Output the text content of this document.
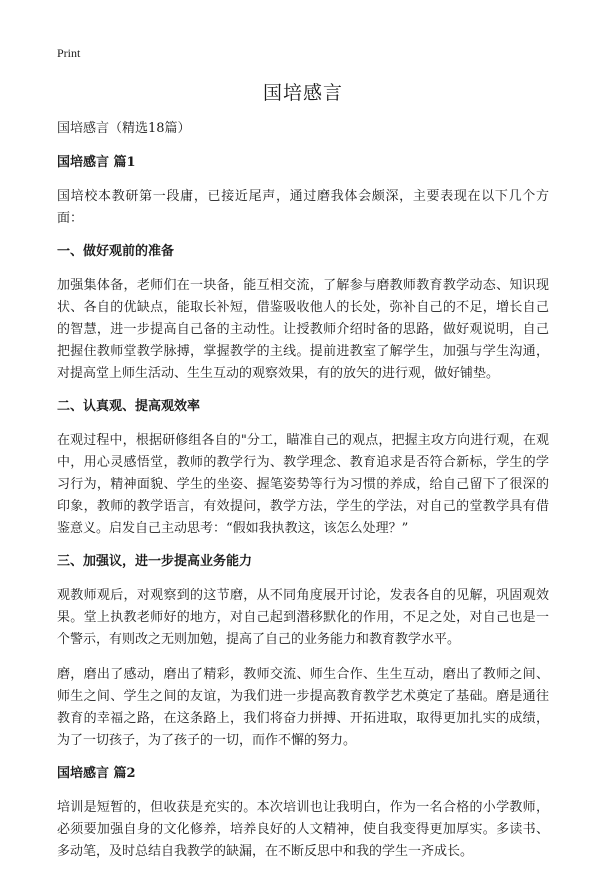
Print
国培感言

国培感言（精选18篇）

国培感言 篇1

国培校本教研第一段庸，已接近尾声，通过磨我体会颇深，主要表现在以下几个方面：

一、做好观前的准备

加强集体备，老师们在一块备，能互相交流，了解参与磨教师教育教学动态、知识现状、各自的优缺点，能取长补短，借鉴吸收他人的长处，弥补自己的不足，增长自己的智慧，进一步提高自己备的主动性。让授教师介绍时备的思路，做好观说明，自己把握住教师堂教学脉搏，掌握教学的主线。提前进教室了解学生，加强与学生沟通，对提高堂上师生活动、生生互动的观察效果，有的放矢的进行观，做好铺垫。

二、认真观、提高观效率

在观过程中，根据研修组各自的"分工，瞄准自己的观点，把握主攻方向进行观，在观中，用心灵感悟堂，教师的教学行为、教学理念、教育追求是否符合新标，学生的学习行为，精神面貌、学生的坐姿、握笔姿势等行为习惯的养成，给自己留下了很深的印象，教师的教学语言，有效提问，教学方法，学生的学法，对自己的堂教学具有借鉴意义。启发自己主动思考：“假如我执教这，该怎么处理？”

三、加强议，进一步提高业务能力

观教师观后，对观察到的这节磨，从不同角度展开讨论，发表各自的见解，巩固观效果。堂上执教老师好的地方，对自己起到潜移默化的作用，不足之处，对自己也是一个警示，有则改之无则加勉，提高了自己的业务能力和教育教学水平。

磨，磨出了感动，磨出了精彩，教师交流、师生合作、生生互动，磨出了教师之间、师生之间、学生之间的友谊，为我们进一步提高教育教学艺术奠定了基础。磨是通往教育的幸福之路，在这条路上，我们将奋力拼搏、开拓进取，取得更加扎实的成绩，为了一切孩子，为了孩子的一切，而作不懈的努力。

国培感言 篇2

培训是短暂的，但收获是充实的。本次培训也让我明白，作为一名合格的小学教师，必须要加强自身的文化修养，培养良好的人文精神，使自我变得更加厚实。多读书、多动笔，及时总结自我教学的缺漏，在不断反思中和我的学生一齐成长。
